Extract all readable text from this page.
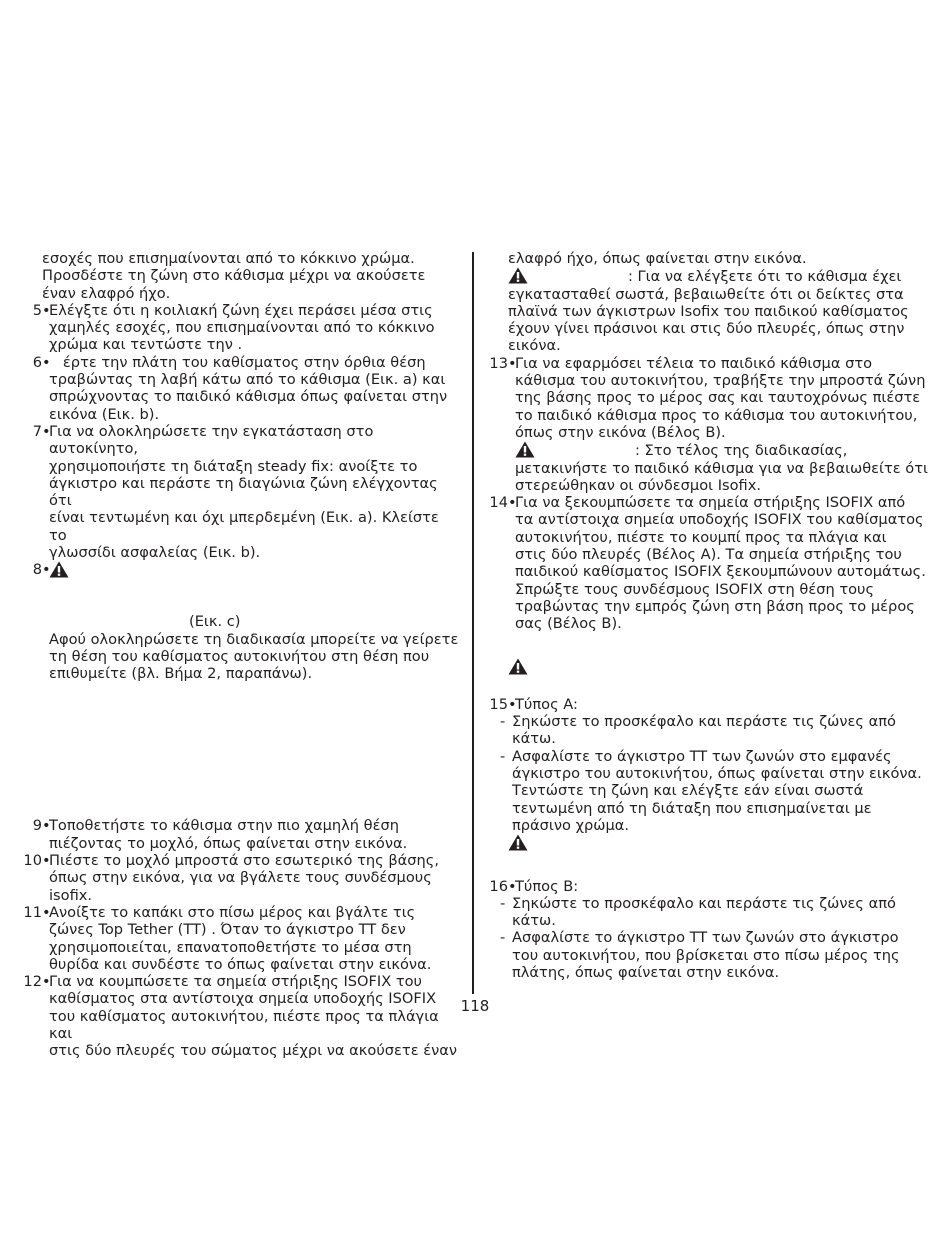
εσοχές που επισημαίνονται από το κόκκινο χρώμα.
Προσδέστε τη ζώνη στο κάθισμα μέχρι να ακούσετε
έναν ελαφρό ήχο.
5 •
Ελέγξτε ότι η κοιλιακή ζώνη έχει περάσει μέσα στις
χαμηλές εσοχές, που επισημαίνονται από το κόκκινο
χρώμα και τεντώστε την .
6 •
έρτε την πλάτη του καθίσματος στην όρθια θέση
τραβώντας τη λαβή κάτω από το κάθισμα (Εικ. a) και
σπρώχνοντας το παιδικό κάθισμα όπως φαίνεται στην
εικόνα (Εικ. b).
7 •
Για να ολοκληρώσετε την εγκατάσταση στο αυτοκίνητο,
χρησιμοποιήστε τη διάταξη steady fix: ανοίξτε το
άγκιστρο και περάστε τη διαγώνια ζώνη ελέγχοντας ότι
είναι τεντωμένη και όχι μπερδεμένη (Εικ. a). Κλείστε το
γλωσσίδι ασφαλείας (Εικ. b).
8 •
(Εικ. c)
Αφού ολοκληρώσετε τη διαδικασία μπορείτε να γείρετε
τη θέση του καθίσματος αυτοκινήτου στη θέση που
επιθυμείτε (βλ. Βήμα 2, παραπάνω).
9 •
Τοποθετήστε το κάθισμα στην πιο χαμηλή θέση
πιέζοντας το μοχλό, όπως φαίνεται στην εικόνα.
10 •
Πιέστε το μοχλό μπροστά στο εσωτερικό της βάσης,
όπως στην εικόνα, για να βγάλετε τους συνδέσμους
isofix.
11 •
Ανοίξτε το καπάκι στο πίσω μέρος και βγάλτε τις
ζώνες Top Tether (TT) . Όταν το άγκιστρο TT δεν
χρησιμοποιείται, επανατοποθετήστε το μέσα στη
θυρίδα και συνδέστε το όπως φαίνεται στην εικόνα.
12 •
Για να κουμπώσετε τα σημεία στήριξης ISOFIX του
καθίσματος στα αντίστοιχα σημεία υποδοχής ISOFIX
του καθίσματος αυτοκινήτου, πιέστε προς τα πλάγια και
στις δύο πλευρές του σώματος μέχρι να ακούσετε έναν
ελαφρό ήχο, όπως φαίνεται στην εικόνα.
: Για να ελέγξετε ότι το κάθισμα έχει
εγκατασταθεί σωστά, βεβαιωθείτε ότι οι δείκτες στα
πλαϊνά των άγκιστρων Isofix του παιδικού καθίσματος
έχουν γίνει πράσινοι και στις δύο πλευρές, όπως στην
εικόνα.
13 •
Για να εφαρμόσει τέλεια το παιδικό κάθισμα στο
κάθισμα του αυτοκινήτου, τραβήξτε την μπροστά ζώνη
της βάσης προς το μέρος σας και ταυτοχρόνως πιέστε
το παιδικό κάθισμα προς το κάθισμα του αυτοκινήτου,
όπως στην εικόνα (Βέλος B).
: Στο τέλος της διαδικασίας,
μετακινήστε το παιδικό κάθισμα για να βεβαιωθείτε ότι
στερεώθηκαν οι σύνδεσμοι Isofix.
14 •
Για να ξεκουμπώσετε τα σημεία στήριξης ISOFIX από
τα αντίστοιχα σημεία υποδοχής ISOFIX του καθίσματος
αυτοκινήτου, πιέστε το κουμπί προς τα πλάγια και
στις δύο πλευρές (Βέλος A). Τα σημεία στήριξης του
παιδικού καθίσματος ISOFIX ξεκουμπώνουν αυτομάτως.
Σπρώξτε τους συνδέσμους ISOFIX στη θέση τους
τραβώντας την εμπρός ζώνη στη βάση προς το μέρος
σας (Βέλος B).
15 •
Τύπος A:
- Σηκώστε το προσκέφαλο και περάστε τις ζώνες από
κάτω.
- Ασφαλίστε το άγκιστρο TT των ζωνών στο εμφανές
άγκιστρο του αυτοκινήτου, όπως φαίνεται στην εικόνα.
Τεντώστε τη ζώνη και ελέγξτε εάν είναι σωστά
τεντωμένη από τη διάταξη που επισημαίνεται με
πράσινο χρώμα.
16 •
Τύπος B:
- Σηκώστε το προσκέφαλο και περάστε τις ζώνες από
κάτω.
- Ασφαλίστε το άγκιστρο TT των ζωνών στο άγκιστρο
του αυτοκινήτου, που βρίσκεται στο πίσω μέρος της
πλάτης, όπως φαίνεται στην εικόνα.
118
